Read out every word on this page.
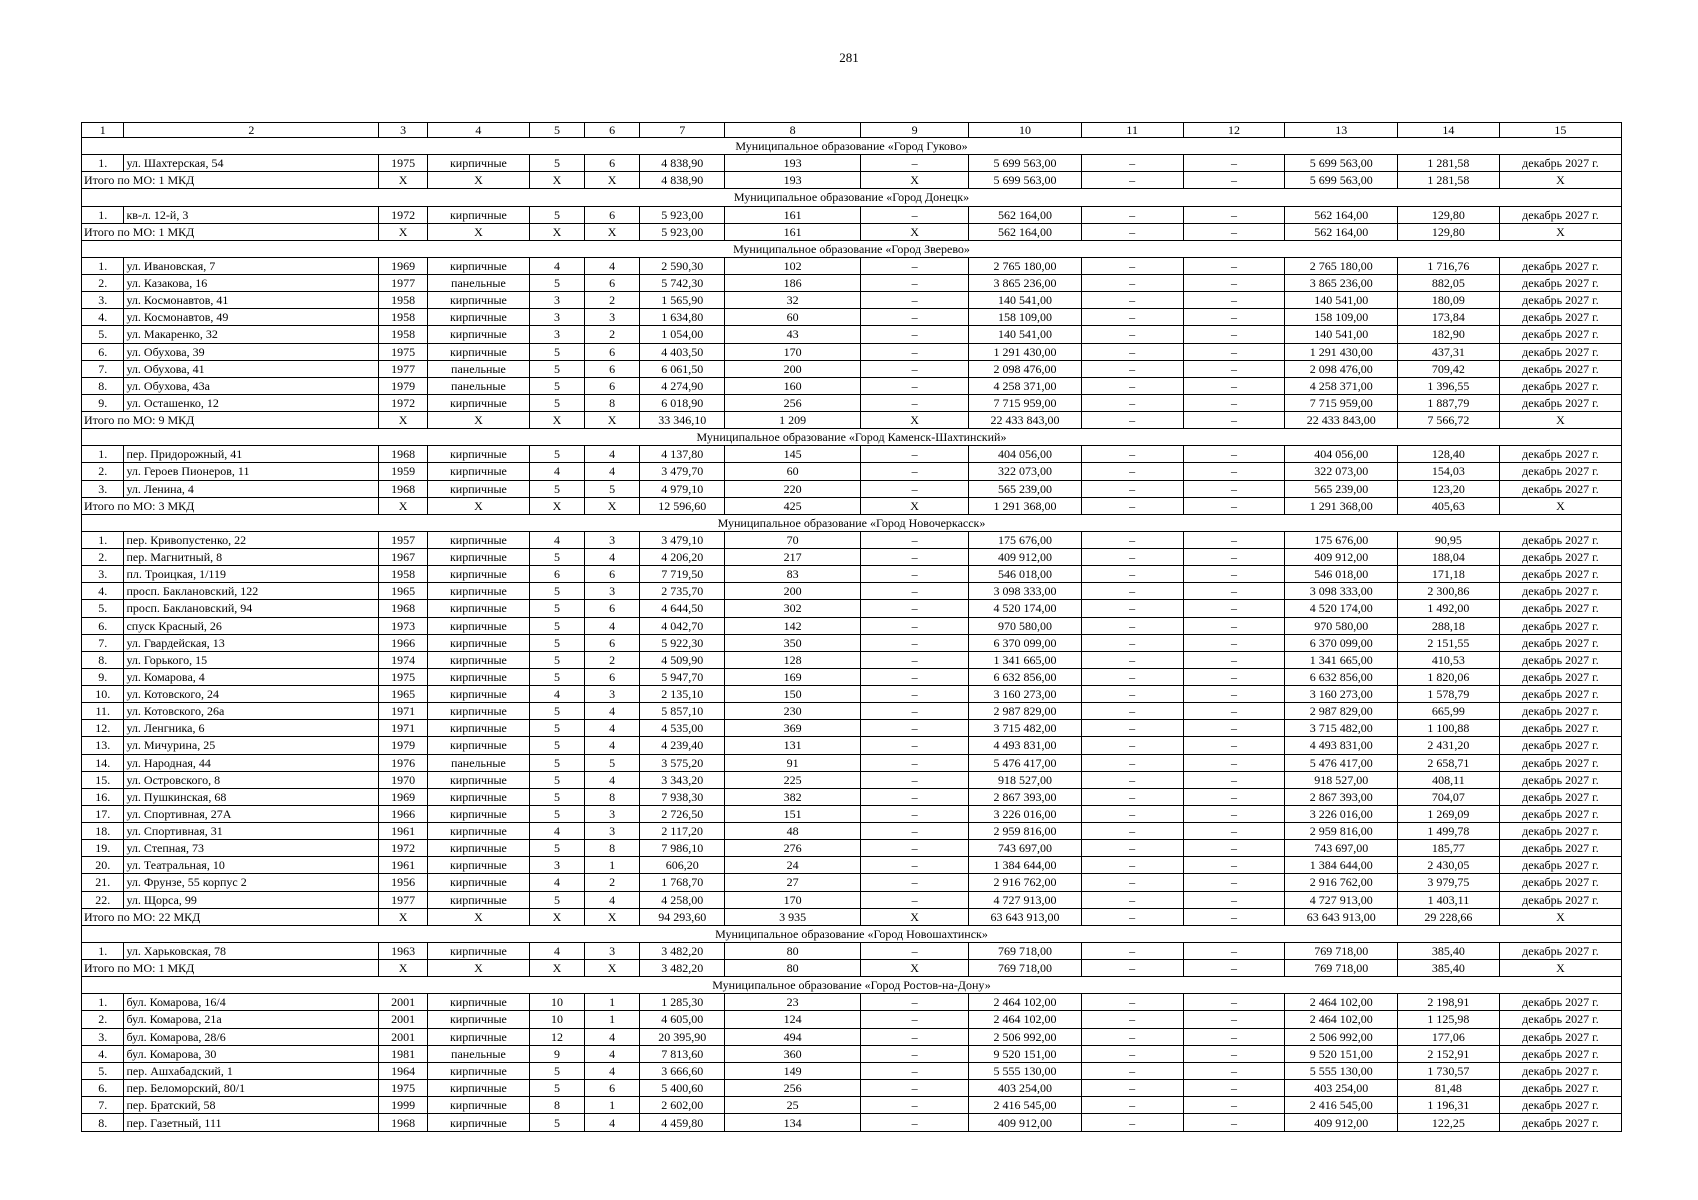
281
1	2	3	4	5	6	7	8	9	10	11	12	13	14	15
Муниципальное образование «Город Гуково»														
1.	ул. Шахтерская, 54	1975	кирпичные	5	6	4 838,90	193	–	5 699 563,00	–	–	5 699 563,00	1 281,58	декабрь 2027 г.
Итого по МО: 1 МКД		X	X	X	X	4 838,90	193	X	5 699 563,00	–	–	5 699 563,00	1 281,58	X
Муниципальное образование «Город Донецк»														
1.	кв-л. 12-й, 3	1972	кирпичные	5	6	5 923,00	161	–	562 164,00	–	–	562 164,00	129,80	декабрь 2027 г.
Итого по МО: 1 МКД		X	X	X	X	5 923,00	161	X	562 164,00	–	–	562 164,00	129,80	X
Муниципальное образование «Город Зверево»														
1.	ул. Ивановская, 7	1969	кирпичные	4	4	2 590,30	102	–	2 765 180,00	–	–	2 765 180,00	1 716,76	декабрь 2027 г.
2.	ул. Казакова, 16	1977	панельные	5	6	5 742,30	186	–	3 865 236,00	–	–	3 865 236,00	882,05	декабрь 2027 г.
3.	ул. Космонавтов, 41	1958	кирпичные	3	2	1 565,90	32	–	140 541,00	–	–	140 541,00	180,09	декабрь 2027 г.
4.	ул. Космонавтов, 49	1958	кирпичные	3	3	1 634,80	60	–	158 109,00	–	–	158 109,00	173,84	декабрь 2027 г.
5.	ул. Макаренко, 32	1958	кирпичные	3	2	1 054,00	43	–	140 541,00	–	–	140 541,00	182,90	декабрь 2027 г.
6.	ул. Обухова, 39	1975	кирпичные	5	6	4 403,50	170	–	1 291 430,00	–	–	1 291 430,00	437,31	декабрь 2027 г.
7.	ул. Обухова, 41	1977	панельные	5	6	6 061,50	200	–	2 098 476,00	–	–	2 098 476,00	709,42	декабрь 2027 г.
8.	ул. Обухова, 43а	1979	панельные	5	6	4 274,90	160	–	4 258 371,00	–	–	4 258 371,00	1 396,55	декабрь 2027 г.
9.	ул. Осташенко, 12	1972	кирпичные	5	8	6 018,90	256	–	7 715 959,00	–	–	7 715 959,00	1 887,79	декабрь 2027 г.
Итого по МО: 9 МКД		X	X	X	X	33 346,10	1 209	X	22 433 843,00	–	–	22 433 843,00	7 566,72	X
Муниципальное образование «Город Каменск-Шахтинский»														
1.	пер. Придорожный, 41	1968	кирпичные	5	4	4 137,80	145	–	404 056,00	–	–	404 056,00	128,40	декабрь 2027 г.
2.	ул. Героев Пионеров, 11	1959	кирпичные	4	4	3 479,70	60	–	322 073,00	–	–	322 073,00	154,03	декабрь 2027 г.
3.	ул. Ленина, 4	1968	кирпичные	5	5	4 979,10	220	–	565 239,00	–	–	565 239,00	123,20	декабрь 2027 г.
Итого по МО: 3 МКД		X	X	X	X	12 596,60	425	X	1 291 368,00	–	–	1 291 368,00	405,63	X
Муниципальное образование «Город Новочеркасск»														
1.	пер. Кривопустенко, 22	1957	кирпичные	4	3	3 479,10	70	–	175 676,00	–	–	175 676,00	90,95	декабрь 2027 г.
2.	пер. Магнитный, 8	1967	кирпичные	5	4	4 206,20	217	–	409 912,00	–	–	409 912,00	188,04	декабрь 2027 г.
3.	пл. Троицкая, 1/119	1958	кирпичные	6	6	7 719,50	83	–	546 018,00	–	–	546 018,00	171,18	декабрь 2027 г.
4.	просп. Баклановский, 122	1965	кирпичные	5	3	2 735,70	200	–	3 098 333,00	–	–	3 098 333,00	2 300,86	декабрь 2027 г.
5.	просп. Баклановский, 94	1968	кирпичные	5	6	4 644,50	302	–	4 520 174,00	–	–	4 520 174,00	1 492,00	декабрь 2027 г.
6.	спуск Красный, 26	1973	кирпичные	5	4	4 042,70	142	–	970 580,00	–	–	970 580,00	288,18	декабрь 2027 г.
7.	ул. Гвардейская, 13	1966	кирпичные	5	6	5 922,30	350	–	6 370 099,00	–	–	6 370 099,00	2 151,55	декабрь 2027 г.
8.	ул. Горького, 15	1974	кирпичные	5	2	4 509,90	128	–	1 341 665,00	–	–	1 341 665,00	410,53	декабрь 2027 г.
9.	ул. Комарова, 4	1975	кирпичные	5	6	5 947,70	169	–	6 632 856,00	–	–	6 632 856,00	1 820,06	декабрь 2027 г.
10.	ул. Котовского, 24	1965	кирпичные	4	3	2 135,10	150	–	3 160 273,00	–	–	3 160 273,00	1 578,79	декабрь 2027 г.
11.	ул. Котовского, 26а	1971	кирпичные	5	4	5 857,10	230	–	2 987 829,00	–	–	2 987 829,00	665,99	декабрь 2027 г.
12.	ул. Ленгника, 6	1971	кирпичные	5	4	4 535,00	369	–	3 715 482,00	–	–	3 715 482,00	1 100,88	декабрь 2027 г.
13.	ул. Мичурина, 25	1979	кирпичные	5	4	4 239,40	131	–	4 493 831,00	–	–	4 493 831,00	2 431,20	декабрь 2027 г.
14.	ул. Народная, 44	1976	панельные	5	5	3 575,20	91	–	5 476 417,00	–	–	5 476 417,00	2 658,71	декабрь 2027 г.
15.	ул. Островского, 8	1970	кирпичные	5	4	3 343,20	225	–	918 527,00	–	–	918 527,00	408,11	декабрь 2027 г.
16.	ул. Пушкинская, 68	1969	кирпичные	5	8	7 938,30	382	–	2 867 393,00	–	–	2 867 393,00	704,07	декабрь 2027 г.
17.	ул. Спортивная, 27А	1966	кирпичные	5	3	2 726,50	151	–	3 226 016,00	–	–	3 226 016,00	1 269,09	декабрь 2027 г.
18.	ул. Спортивная, 31	1961	кирпичные	4	3	2 117,20	48	–	2 959 816,00	–	–	2 959 816,00	1 499,78	декабрь 2027 г.
19.	ул. Степная, 73	1972	кирпичные	5	8	7 986,10	276	–	743 697,00	–	–	743 697,00	185,77	декабрь 2027 г.
20.	ул. Театральная, 10	1961	кирпичные	3	1	606,20	24	–	1 384 644,00	–	–	1 384 644,00	2 430,05	декабрь 2027 г.
21.	ул. Фрунзе, 55 корпус 2	1956	кирпичные	4	2	1 768,70	27	–	2 916 762,00	–	–	2 916 762,00	3 979,75	декабрь 2027 г.
22.	ул. Щорса, 99	1977	кирпичные	5	4	4 258,00	170	–	4 727 913,00	–	–	4 727 913,00	1 403,11	декабрь 2027 г.
Итого по МО: 22 МКД		X	X	X	X	94 293,60	3 935	X	63 643 913,00	–	–	63 643 913,00	29 228,66	X
Муниципальное образование «Город Новошахтинск»														
1.	ул. Харьковская, 78	1963	кирпичные	4	3	3 482,20	80	–	769 718,00	–	–	769 718,00	385,40	декабрь 2027 г.
Итого по МО: 1 МКД		X	X	X	X	3 482,20	80	X	769 718,00	–	–	769 718,00	385,40	X
Муниципальное образование «Город Ростов-на-Дону»														
1.	бул. Комарова, 16/4	2001	кирпичные	10	1	1 285,30	23	–	2 464 102,00	–	–	2 464 102,00	2 198,91	декабрь 2027 г.
2.	бул. Комарова, 21а	2001	кирпичные	10	1	4 605,00	124	–	2 464 102,00	–	–	2 464 102,00	1 125,98	декабрь 2027 г.
3.	бул. Комарова, 28/6	2001	кирпичные	12	4	20 395,90	494	–	2 506 992,00	–	–	2 506 992,00	177,06	декабрь 2027 г.
4.	бул. Комарова, 30	1981	панельные	9	4	7 813,60	360	–	9 520 151,00	–	–	9 520 151,00	2 152,91	декабрь 2027 г.
5.	пер. Ашхабадский, 1	1964	кирпичные	5	4	3 666,60	149	–	5 555 130,00	–	–	5 555 130,00	1 730,57	декабрь 2027 г.
6.	пер. Беломорский, 80/1	1975	кирпичные	5	6	5 400,60	256	–	403 254,00	–	–	403 254,00	81,48	декабрь 2027 г.
7.	пер. Братский, 58	1999	кирпичные	8	1	2 602,00	25	–	2 416 545,00	–	–	2 416 545,00	1 196,31	декабрь 2027 г.
8.	пер. Газетный, 111	1968	кирпичные	5	4	4 459,80	134	–	409 912,00	–	–	409 912,00	122,25	декабрь 2027 г.
